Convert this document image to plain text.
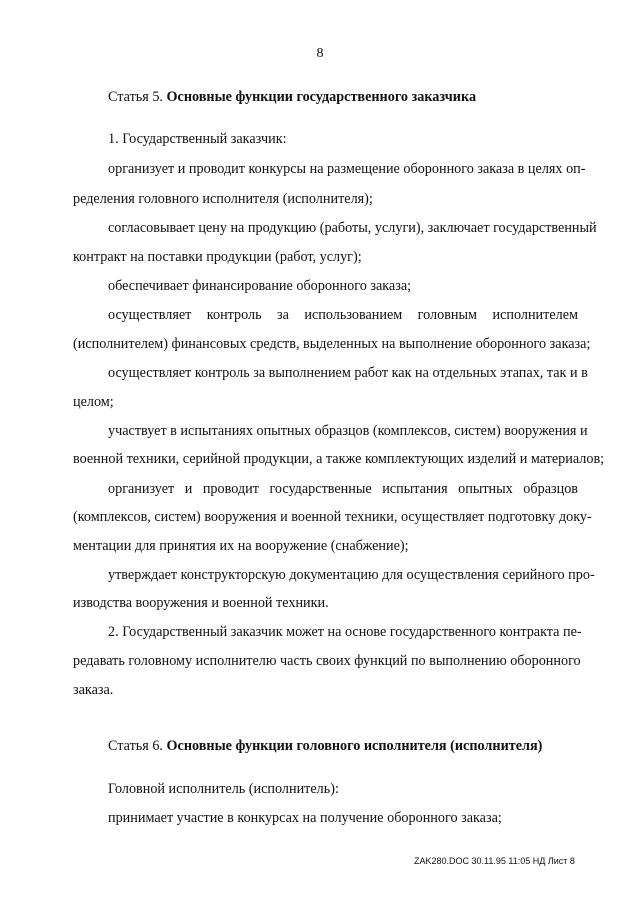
8
Статья 5. Основные функции государственного заказчика
1. Государственный заказчик:
организует и проводит конкурсы на размещение оборонного заказа в целях оп-
ределения головного исполнителя (исполнителя);
согласовывает цену на продукцию (работы, услуги), заключает государственный
контракт на поставки продукции (работ, услуг);
обеспечивает финансирование оборонного заказа;
осуществляет контроль за использованием головным исполнителем
(исполнителем) финансовых средств, выделенных на выполнение оборонного заказа;
осуществляет контроль за выполнением работ как на отдельных этапах, так и в
целом;
участвует в испытаниях опытных образцов (комплексов, систем) вооружения и
военной техники, серийной продукции, а также комплектующих изделий и материалов;
организует и проводит государственные испытания опытных образцов
(комплексов, систем) вооружения и военной техники, осуществляет подготовку доку-
ментации для принятия их на вооружение (снабжение);
утверждает конструкторскую документацию для осуществления серийного про-
изводства вооружения и военной техники.
2. Государственный заказчик может на основе государственного контракта пе-
редавать головному исполнителю часть своих функций по выполнению оборонного
заказа.
Статья 6. Основные функции головного исполнителя (исполнителя)
Головной исполнитель (исполнитель):
принимает участие в конкурсах на получение оборонного заказа;
ZAK280.DOC 30.11.95 11:05 НД Лист 8
